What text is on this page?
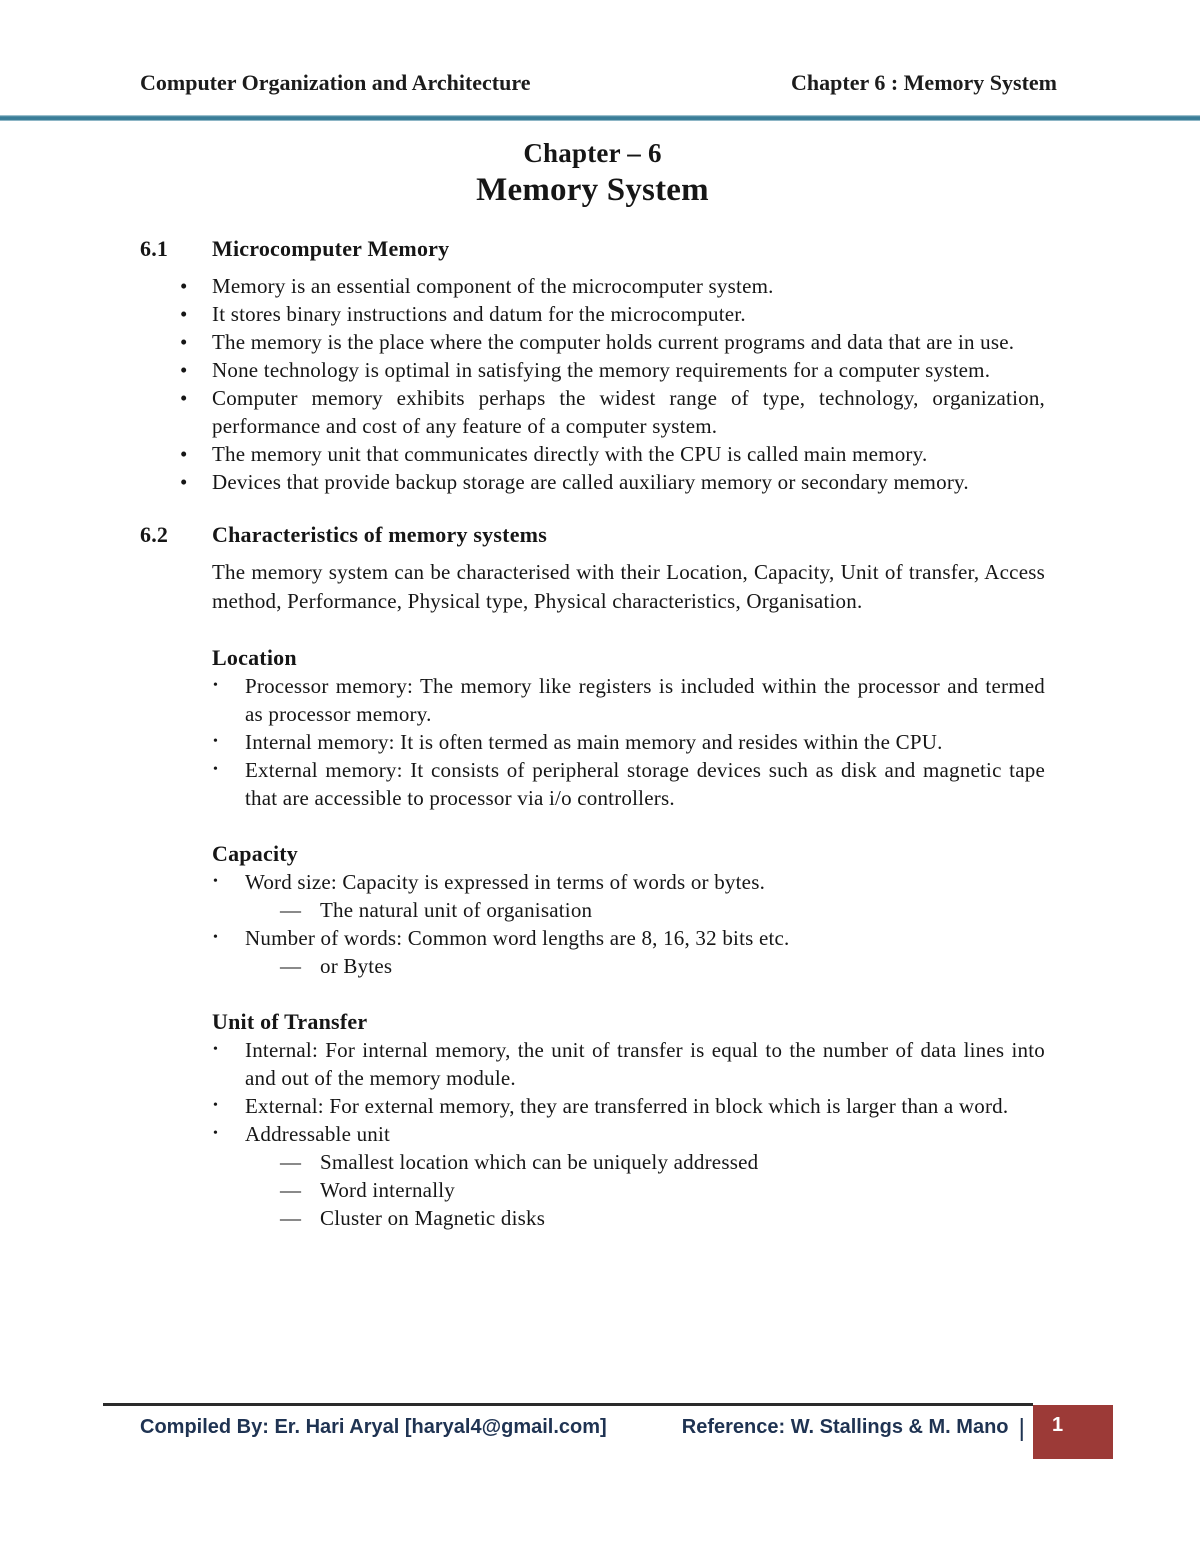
Computer Organization and Architecture	Chapter 6 : Memory System
Chapter – 6
Memory System
6.1	Microcomputer Memory
• Memory is an essential component of the microcomputer system.
• It stores binary instructions and datum for the microcomputer.
• The memory is the place where the computer holds current programs and data that are in use.
• None technology is optimal in satisfying the memory requirements for a computer system.
• Computer memory exhibits perhaps the widest range of type, technology, organization, performance and cost of any feature of a computer system.
• The memory unit that communicates directly with the CPU is called main memory.
• Devices that provide backup storage are called auxiliary memory or secondary memory.
6.2	Characteristics of memory systems
The memory system can be characterised with their Location, Capacity, Unit of transfer, Access method, Performance, Physical type, Physical characteristics, Organisation.
Location
• Processor memory: The memory like registers is included within the processor and termed as processor memory.
• Internal memory: It is often termed as main memory and resides within the CPU.
• External memory: It consists of peripheral storage devices such as disk and magnetic tape that are accessible to processor via i/o controllers.
Capacity
• Word size: Capacity is expressed in terms of words or bytes.
— The natural unit of organisation
• Number of words: Common word lengths are 8, 16, 32 bits etc.
— or Bytes
Unit of Transfer
• Internal: For internal memory, the unit of transfer is equal to the number of data lines into and out of the memory module.
• External: For external memory, they are transferred in block which is larger than a word.
• Addressable unit
— Smallest location which can be uniquely addressed
— Word internally
— Cluster on Magnetic disks
Compiled By: Er. Hari Aryal [haryal4@gmail.com]	Reference: W. Stallings & M. Mano |	1
